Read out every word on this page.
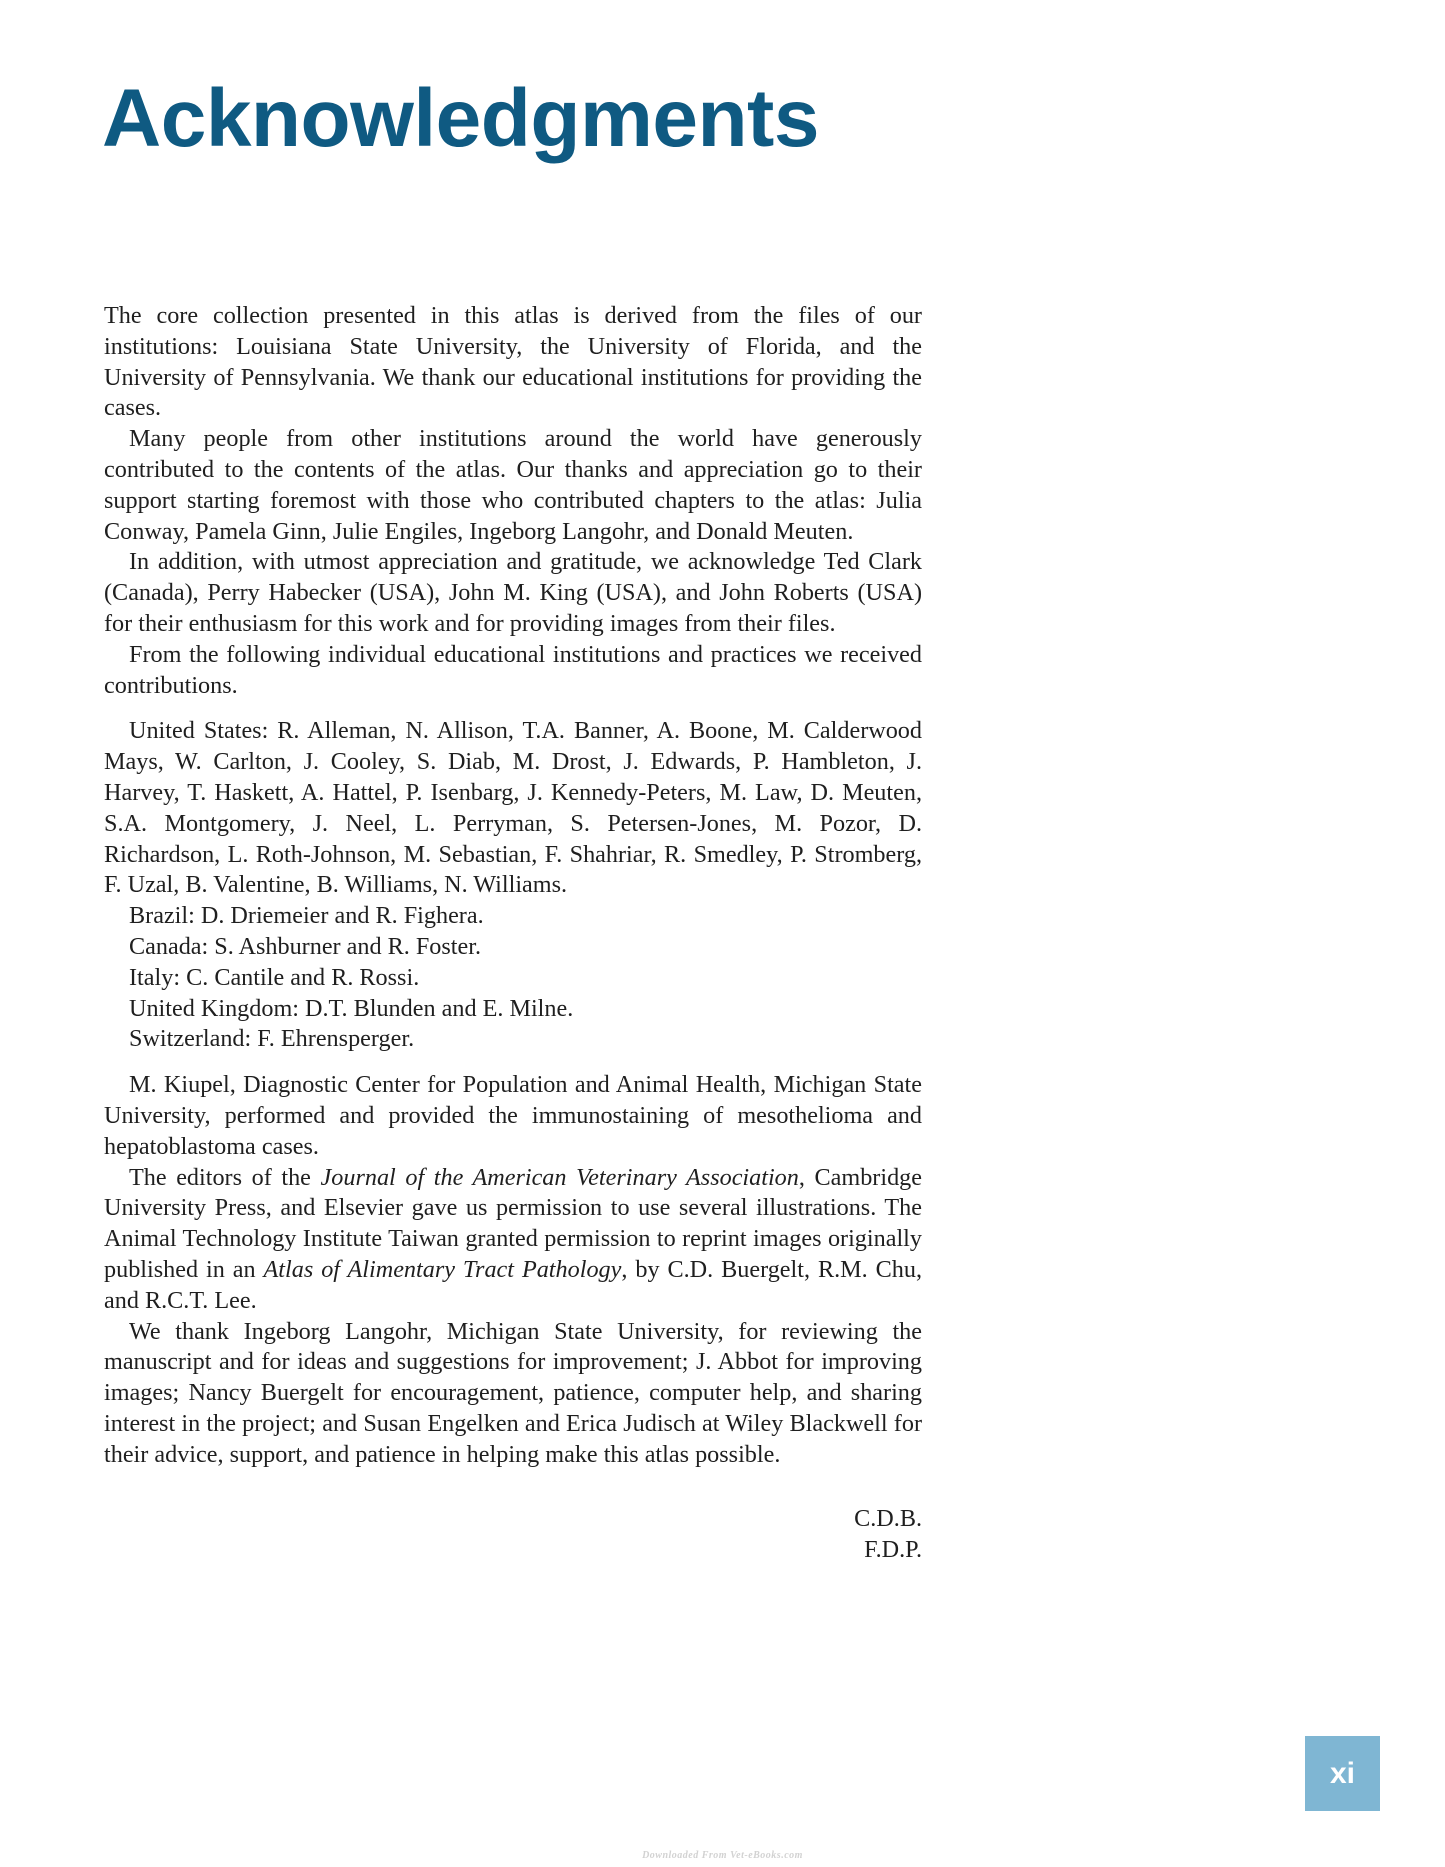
Acknowledgments

The core collection presented in this atlas is derived from the files of our institutions: Louisiana State University, the University of Florida, and the University of Pennsylvania. We thank our educational institutions for providing the cases.

Many people from other institutions around the world have generously contributed to the contents of the atlas. Our thanks and appreciation go to their support starting foremost with those who contributed chapters to the atlas: Julia Conway, Pamela Ginn, Julie Engiles, Ingeborg Langohr, and Donald Meuten.

In addition, with utmost appreciation and gratitude, we acknowledge Ted Clark (Canada), Perry Habecker (USA), John M. King (USA), and John Roberts (USA) for their enthusiasm for this work and for providing images from their files.

From the following individual educational institutions and practices we received contributions.

United States: R. Alleman, N. Allison, T.A. Banner, A. Boone, M. Calderwood Mays, W. Carlton, J. Cooley, S. Diab, M. Drost, J. Edwards, P. Hambleton, J. Harvey, T. Haskett, A. Hattel, P. Isenbarg, J. Kennedy-Peters, M. Law, D. Meuten, S.A. Montgomery, J. Neel, L. Perryman, S. Petersen-Jones, M. Pozor, D. Richardson, L. Roth-Johnson, M. Sebastian, F. Shahriar, R. Smedley, P. Stromberg, F. Uzal, B. Valentine, B. Williams, N. Williams.

Brazil: D. Driemeier and R. Fighera.

Canada: S. Ashburner and R. Foster.

Italy: C. Cantile and R. Rossi.

United Kingdom: D.T. Blunden and E. Milne.

Switzerland: F. Ehrensperger.

M. Kiupel, Diagnostic Center for Population and Animal Health, Michigan State University, performed and provided the immunostaining of mesothelioma and hepatoblastoma cases.

The editors of the Journal of the American Veterinary Association, Cambridge University Press, and Elsevier gave us permission to use several illustrations. The Animal Technology Institute Taiwan granted permission to reprint images originally published in an Atlas of Alimentary Tract Pathology, by C.D. Buergelt, R.M. Chu, and R.C.T. Lee.

We thank Ingeborg Langohr, Michigan State University, for reviewing the manuscript and for ideas and suggestions for improvement; J. Abbot for improving images; Nancy Buergelt for encouragement, patience, computer help, and sharing interest in the project; and Susan Engelken and Erica Judisch at Wiley Blackwell for their advice, support, and patience in helping make this atlas possible.

C.D.B.
F.D.P.
xi
Downloaded From Vet-eBooks.com
